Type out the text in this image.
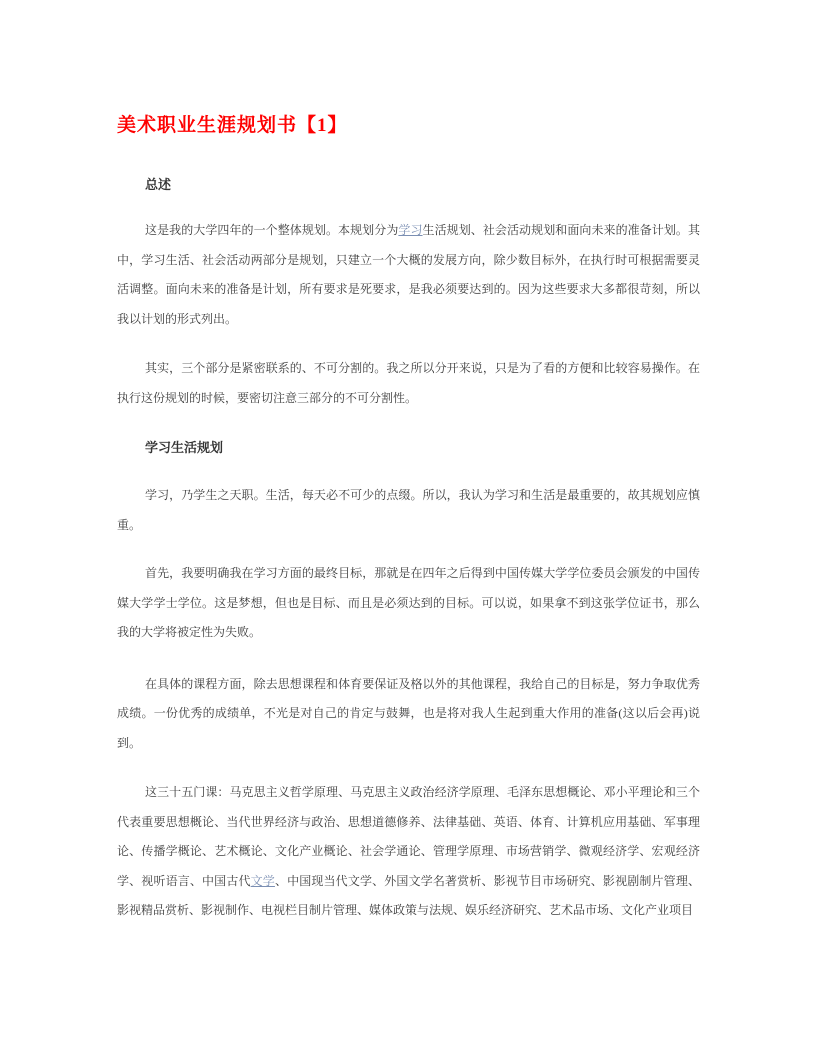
美术职业生涯规划书【1】
总述
这是我的大学四年的一个整体规划。本规划分为学习生活规划、社会活动规划和面向未来的准备计划。其
中，学习生活、社会活动两部分是规划，只建立一个大概的发展方向，除少数目标外，在执行时可根据需要灵
活调整。面向未来的准备是计划，所有要求是死要求，是我必须要达到的。因为这些要求大多都很苛刻，所以
我以计划的形式列出。
其实，三个部分是紧密联系的、不可分割的。我之所以分开来说，只是为了看的方便和比较容易操作。在
执行这份规划的时候，要密切注意三部分的不可分割性。
学习生活规划
学习，乃学生之天职。生活，每天必不可少的点缀。所以，我认为学习和生活是最重要的，故其规划应慎
重。
首先，我要明确我在学习方面的最终目标，那就是在四年之后得到中国传媒大学学位委员会颁发的中国传
媒大学学士学位。这是梦想，但也是目标、而且是必须达到的目标。可以说，如果拿不到这张学位证书，那么
我的大学将被定性为失败。
在具体的课程方面，除去思想课程和体育要保证及格以外的其他课程，我给自己的目标是，努力争取优秀
成绩。一份优秀的成绩单，不光是对自己的肯定与鼓舞，也是将对我人生起到重大作用的准备(这以后会再)说
到。
这三十五门课：马克思主义哲学原理、马克思主义政治经济学原理、毛泽东思想概论、邓小平理论和三个
代表重要思想概论、当代世界经济与政治、思想道德修养、法律基础、英语、体育、计算机应用基础、军事理
论、传播学概论、艺术概论、文化产业概论、社会学通论、管理学原理、市场营销学、微观经济学、宏观经济
学、视听语言、中国古代文学、中国现当代文学、外国文学名著赏析、影视节目市场研究、影视剧制片管理、
影视精品赏析、影视制作、电视栏目制片管理、媒体政策与法规、娱乐经济研究、艺术品市场、文化产业项目
